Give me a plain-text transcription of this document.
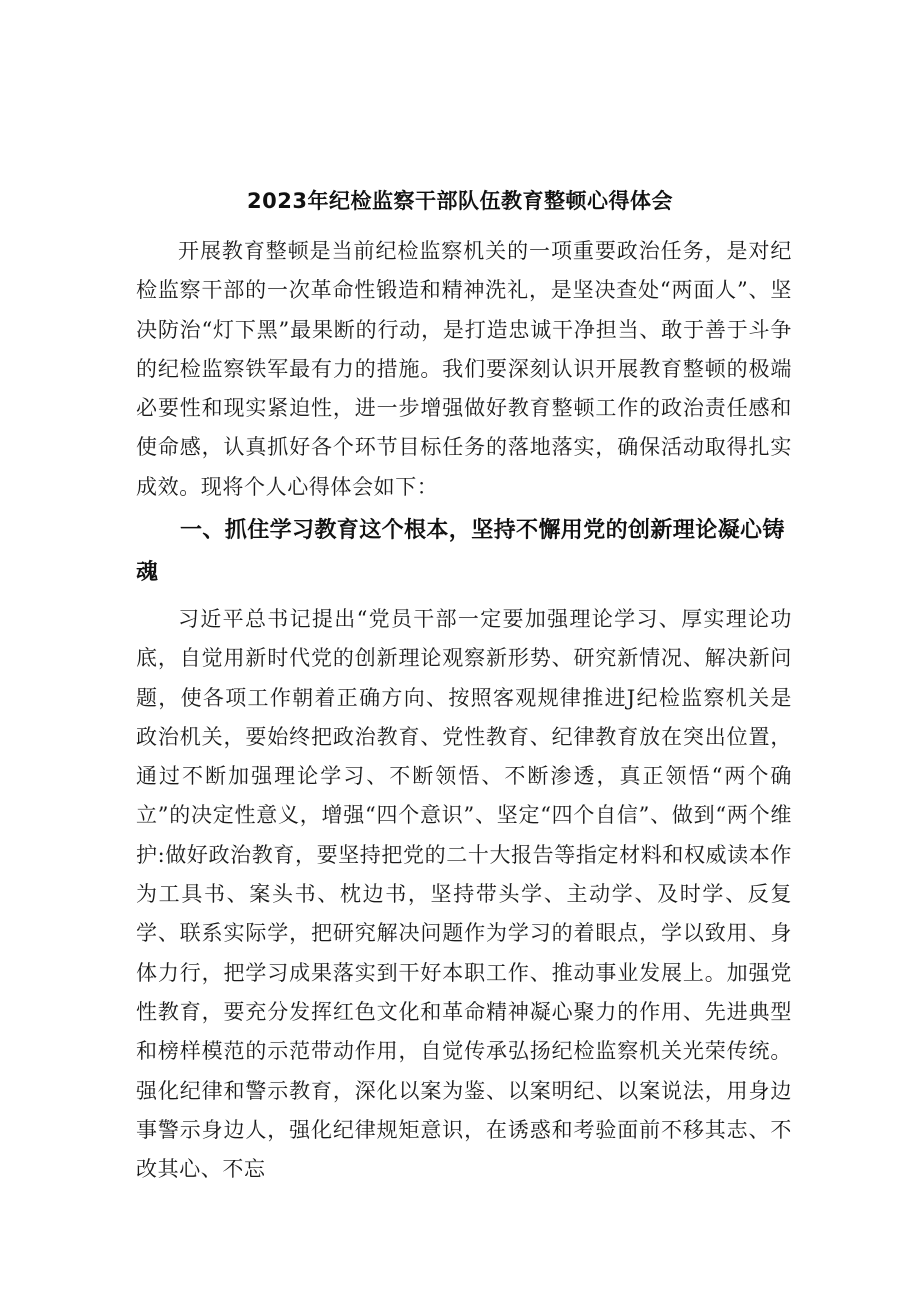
2023年纪检监察干部队伍教育整顿心得体会

开展教育整顿是当前纪检监察机关的一项重要政治任务，是对纪检监察干部的一次革命性锻造和精神洗礼，是坚决查处“两面人”、坚决防治“灯下黑”最果断的行动，是打造忠诚干净担当、敢于善于斗争的纪检监察铁军最有力的措施。我们要深刻认识开展教育整顿的极端必要性和现实紧迫性，进一步增强做好教育整顿工作的政治责任感和使命感，认真抓好各个环节目标任务的落地落实，确保活动取得扎实成效。现将个人心得体会如下：

一、抓住学习教育这个根本，坚持不懈用党的创新理论凝心铸魂

习近平总书记提出“党员干部一定要加强理论学习、厚实理论功底，自觉用新时代党的创新理论观察新形势、研究新情况、解决新问题，使各项工作朝着正确方向、按照客观规律推进J纪检监察机关是政治机关，要始终把政治教育、党性教育、纪律教育放在突出位置，通过不断加强理论学习、不断领悟、不断渗透，真正领悟“两个确立”的决定性意义，增强“四个意识”、坚定“四个自信”、做到“两个维护:做好政治教育，要坚持把党的二十大报告等指定材料和权威读本作为工具书、案头书、枕边书，坚持带头学、主动学、及时学、反复学、联系实际学，把研究解决问题作为学习的着眼点，学以致用、身体力行，把学习成果落实到干好本职工作、推动事业发展上。加强党性教育，要充分发挥红色文化和革命精神凝心聚力的作用、先进典型和榜样模范的示范带动作用，自觉传承弘扬纪检监察机关光荣传统。强化纪律和警示教育，深化以案为鉴、以案明纪、以案说法，用身边事警示身边人，强化纪律规矩意识，在诱惑和考验面前不移其志、不改其心、不忘
